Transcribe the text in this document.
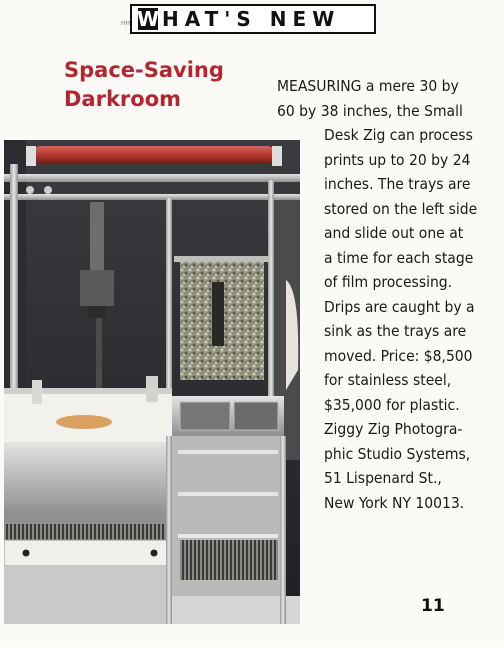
HH W HAT'S NEW
Space-Saving
Darkroom
MEASURING a mere 30 by
60 by 38 inches, the Small
Desk Zig can process
prints up to 20 by 24
inches. The trays are
stored on the left side
and slide out one at
a time for each stage
of film processing.
Drips are caught by a
sink as the trays are
moved. Price: $8,500
for stainless steel,
$35,000 for plastic.
Ziggy Zig Photogra-
phic Studio Systems,
51 Lispenard St.,
New York NY 10013.
11
